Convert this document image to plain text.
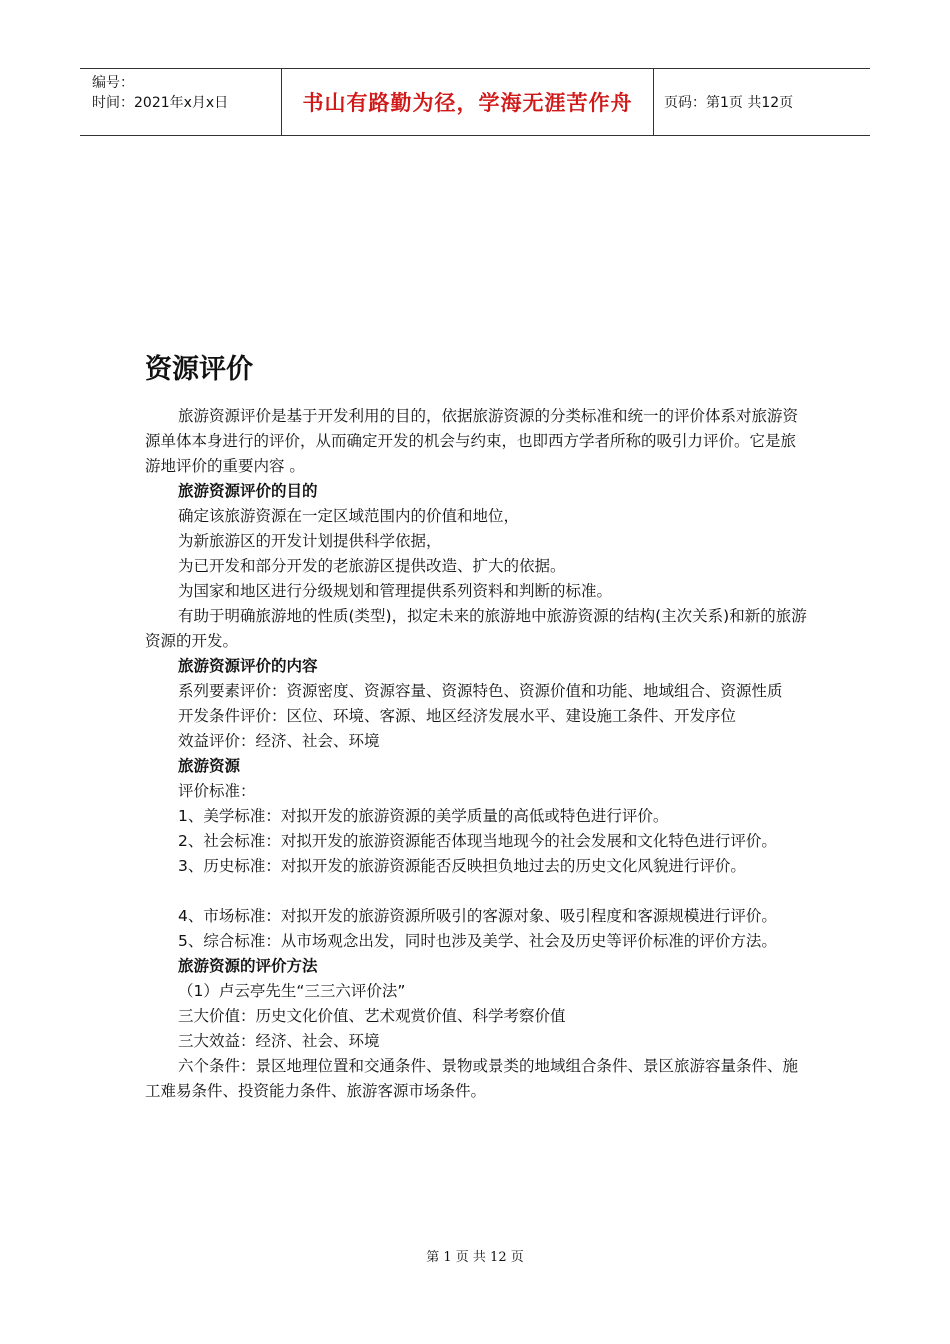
编号：
时间：2021年x月x日	书山有路勤为径，学海无涯苦作舟 页码：第1页 共12页
资源评价

旅游资源评价是基于开发利用的目的，依据旅游资源的分类标准和统一的评价体系对旅游资源单体本身进行的评价，从而确定开发的机会与约束，也即西方学者所称的吸引力评价。它是旅游地评价的重要内容 。

旅游资源评价的目的

确定该旅游资源在一定区域范围内的价值和地位，

为新旅游区的开发计划提供科学依据，

为已开发和部分开发的老旅游区提供改造、扩大的依据。

为国家和地区进行分级规划和管理提供系列资料和判断的标准。

有助于明确旅游地的性质(类型)，拟定未来的旅游地中旅游资源的结构(主次关系)和新的旅游资源的开发。

旅游资源评价的内容

系列要素评价：资源密度、资源容量、资源特色、资源价值和功能、地域组合、资源性质

开发条件评价：区位、环境、客源、地区经济发展水平、建设施工条件、开发序位

效益评价：经济、社会、环境

旅游资源

评价标准：

1、美学标准：对拟开发的旅游资源的美学质量的高低或特色进行评价。

2、社会标准：对拟开发的旅游资源能否体现当地现今的社会发展和文化特色进行评价。

3、历史标准：对拟开发的旅游资源能否反映担负地过去的历史文化风貌进行评价。

4、市场标准：对拟开发的旅游资源所吸引的客源对象、吸引程度和客源规模进行评价。

5、综合标准：从市场观念出发，同时也涉及美学、社会及历史等评价标准的评价方法。

旅游资源的评价方法

（1）卢云亭先生“三三六评价法”

三大价值：历史文化价值、艺术观赏价值、科学考察价值

三大效益：经济、社会、环境

六个条件：景区地理位置和交通条件、景物或景类的地域组合条件、景区旅游容量条件、施工难易条件、投资能力条件、旅游客源市场条件。

第 1 页 共 12 页
